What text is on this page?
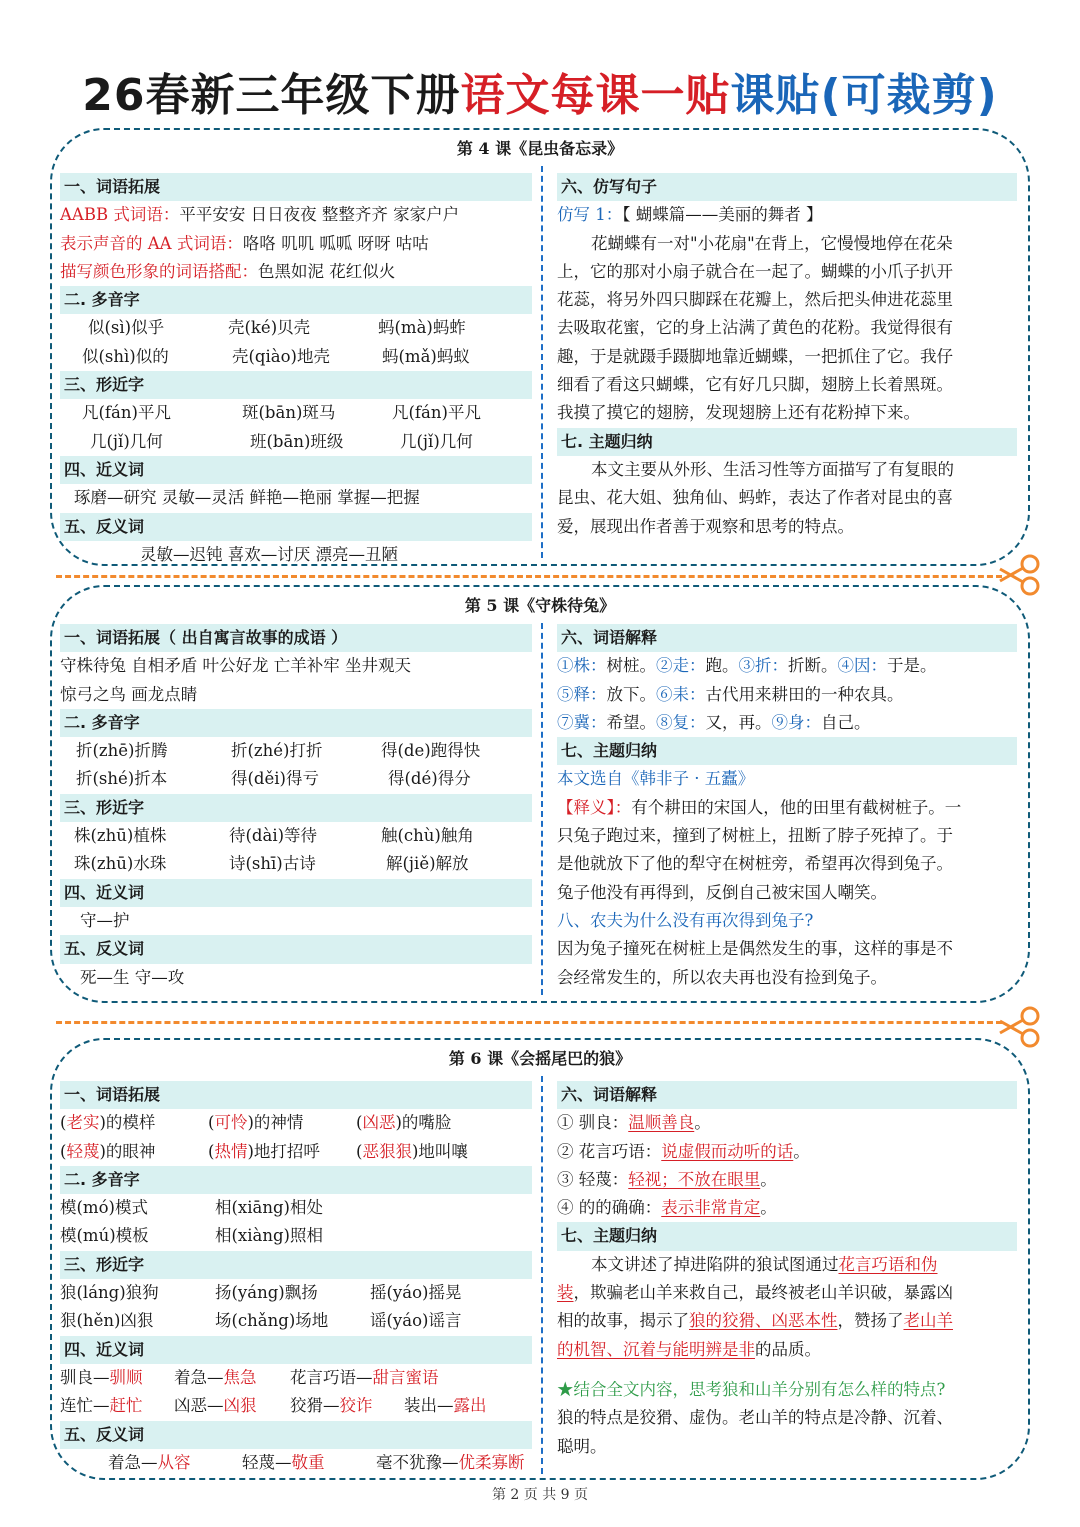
26春新三年级下册语文每课一贴课贴(可裁剪)
第 4 课《昆虫备忘录》
一、词语拓展
AABB 式词语：平平安安 日日夜夜 整整齐齐 家家户户
表示声音的 AA 式词语：咯咯 叽叽 呱呱 呀呀 咕咕
描写颜色形象的词语搭配：色黑如泥 花红似火
二. 多音字
似(sì)似乎	壳(ké)贝壳	蚂(mà)蚂蚱
似(shì)似的	壳(qiào)地壳	蚂(mǎ)蚂蚁
三、形近字
凡(fán)平凡	斑(bān)斑马	凡(fán)平凡
几(jǐ)几何	班(bān)班级	几(jǐ)几何
四、近义词
琢磨—研究 灵敏—灵活 鲜艳—艳丽 掌握—把握
五、反义词
灵敏—迟钝 喜欢—讨厌 漂亮—丑陋
六、仿写句子
仿写 1：【 蝴蝶篇——美丽的舞者 】
花蝴蝶有一对"小花扇"在背上，它慢慢地停在花朵
上，它的那对小扇子就合在一起了。蝴蝶的小爪子扒开
花蕊，将另外四只脚踩在花瓣上，然后把头伸进花蕊里
去吸取花蜜，它的身上沾满了黄色的花粉。我觉得很有
趣，于是就蹑手蹑脚地靠近蝴蝶，一把抓住了它。我仔
细看了看这只蝴蝶，它有好几只脚，翅膀上长着黑斑。
我摸了摸它的翅膀，发现翅膀上还有花粉掉下来。
七. 主题归纳
本文主要从外形、生活习性等方面描写了有复眼的
昆虫、花大姐、独角仙、蚂蚱，表达了作者对昆虫的喜
爱，展现出作者善于观察和思考的特点。
第 5 课《守株待兔》
一、词语拓展（ 出自寓言故事的成语 ）
守株待兔 自相矛盾 叶公好龙 亡羊补牢 坐井观天
惊弓之鸟 画龙点睛
二. 多音字
折(zhē)折腾	折(zhé)打折	得(de)跑得快
折(shé)折本	得(děi)得亏	得(dé)得分
三、形近字
株(zhū)植株	待(dài)等待	触(chù)触角
珠(zhū)水珠	诗(shī)古诗	解(jiě)解放
四、近义词
守—护
五、反义词
死—生 守—攻
六、词语解释
①株：树桩。②走：跑。③折：折断。④因：于是。
⑤释：放下。⑥耒：古代用来耕田的一种农具。
⑦冀：希望。⑧复：又，再。⑨身：自己。
七、主题归纳
本文选自《韩非子 · 五蠹》
【释义】：有个耕田的宋国人，他的田里有截树桩子。一
只兔子跑过来，撞到了树桩上，扭断了脖子死掉了。于
是他就放下了他的犁守在树桩旁，希望再次得到兔子。
兔子他没有再得到，反倒自己被宋国人嘲笑。
八、农夫为什么没有再次得到兔子?
因为兔子撞死在树桩上是偶然发生的事，这样的事是不
会经常发生的，所以农夫再也没有捡到兔子。
第 6 课《会摇尾巴的狼》
一、词语拓展
(老实)的模样	(可怜)的神情	(凶恶)的嘴脸
(轻蔑)的眼神	(热情)地打招呼	(恶狠狠)地叫嚷
二. 多音字
模(mó)模式	相(xiāng)相处
模(mú)模板	相(xiàng)照相
三、形近字
狼(láng)狼狗	扬(yáng)飘扬	摇(yáo)摇晃
狠(hěn)凶狠	场(chǎng)场地	谣(yáo)谣言
四、近义词
驯良—驯顺	着急—焦急	花言巧语—甜言蜜语
连忙—赶忙	凶恶—凶狠	狡猾—狡诈	装出—露出
五、反义词
着急—从容	轻蔑—敬重	毫不犹豫—优柔寡断
六、词语解释
① 驯良：温顺善良。
② 花言巧语：说虚假而动听的话。
③ 轻蔑：轻视；不放在眼里。
④ 的的确确：表示非常肯定。
七、主题归纳
本文讲述了掉进陷阱的狼试图通过花言巧语和伪
装，欺骗老山羊来救自己，最终被老山羊识破，暴露凶
相的故事，揭示了狼的狡猾、凶恶本性，赞扬了老山羊
的机智、沉着与能明辨是非的品质。
★结合全文内容，思考狼和山羊分别有怎么样的特点?
狼的特点是狡猾、虚伪。老山羊的特点是冷静、沉着、
聪明。
第 2 页 共 9 页
